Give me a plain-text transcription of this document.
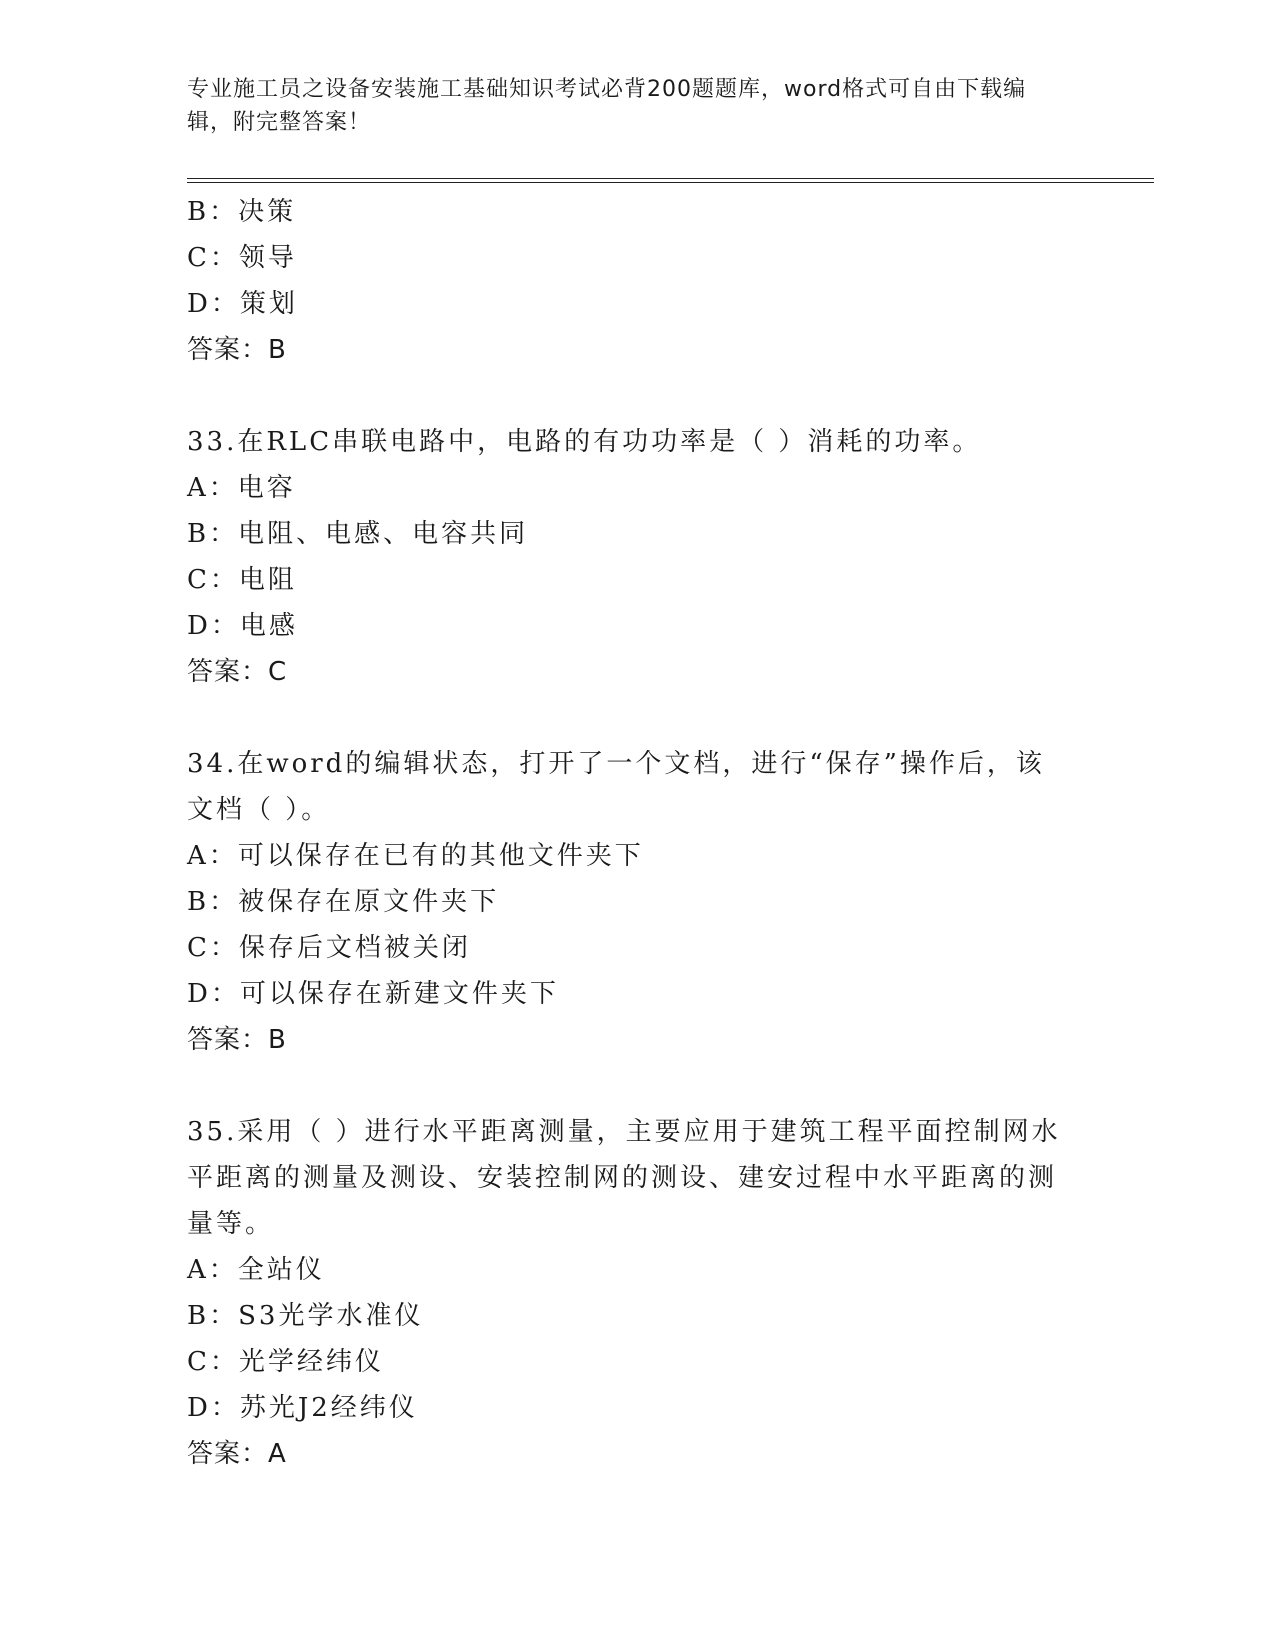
专业施工员之设备安装施工基础知识考试必背200题题库，word格式可自由下载编辑，附完整答案！
B：决策
C：领导
D：策划
答案：B
33.在RLC串联电路中，电路的有功功率是（ ）消耗的功率。
A：电容
B：电阻、电感、电容共同
C：电阻
D：电感
答案：C
34.在word的编辑状态，打开了一个文档，进行“保存”操作后，该文档（ ）。
A：可以保存在已有的其他文件夹下
B：被保存在原文件夹下
C：保存后文档被关闭
D：可以保存在新建文件夹下
答案：B
35.采用（ ）进行水平距离测量，主要应用于建筑工程平面控制网水平距离的测量及测设、安装控制网的测设、建安过程中水平距离的测量等。
A：全站仪
B：S3光学水准仪
C：光学经纬仪
D：苏光J2经纬仪
答案：A
